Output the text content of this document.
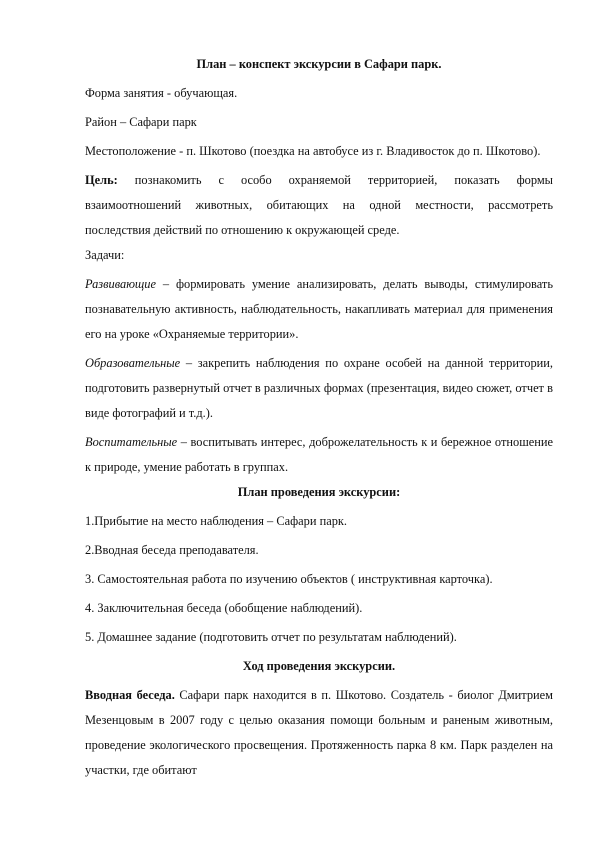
План – конспект экскурсии в Сафари парк.

Форма занятия - обучающая.

Район – Сафари парк

Местоположение - п. Шкотово (поездка на автобусе из г. Владивосток до п. Шкотово).

Цель: познакомить с особо охраняемой территорией, показать формы взаимоотношений животных, обитающих на одной местности, рассмотреть последствия действий по отношению к окружающей среде.

Задачи:

Развивающие – формировать умение анализировать, делать выводы, стимулировать познавательную активность, наблюдательность, накапливать материал для применения его на уроке «Охраняемые территории».

Образовательные – закрепить наблюдения по охране особей на данной территории, подготовить развернутый отчет в различных формах (презентация, видео сюжет, отчет в виде фотографий и т.д.).

Воспитательные – воспитывать интерес, доброжелательность к и бережное отношение к природе, умение работать в группах.

План проведения экскурсии:

1.Прибытие на место наблюдения – Сафари парк.

2.Вводная беседа преподавателя.

3. Самостоятельная работа по изучению объектов ( инструктивная карточка).

4. Заключительная беседа (обобщение наблюдений).

5. Домашнее задание (подготовить отчет по результатам наблюдений).

Ход проведения экскурсии.

Вводная беседа. Сафари парк находится в п. Шкотово. Создатель - биолог Дмитрием Мезенцовым в 2007 году с целью оказания помощи больным и раненым животным, проведение экологического просвещения. Протяженность парка 8 км. Парк разделен на участки, где обитают
